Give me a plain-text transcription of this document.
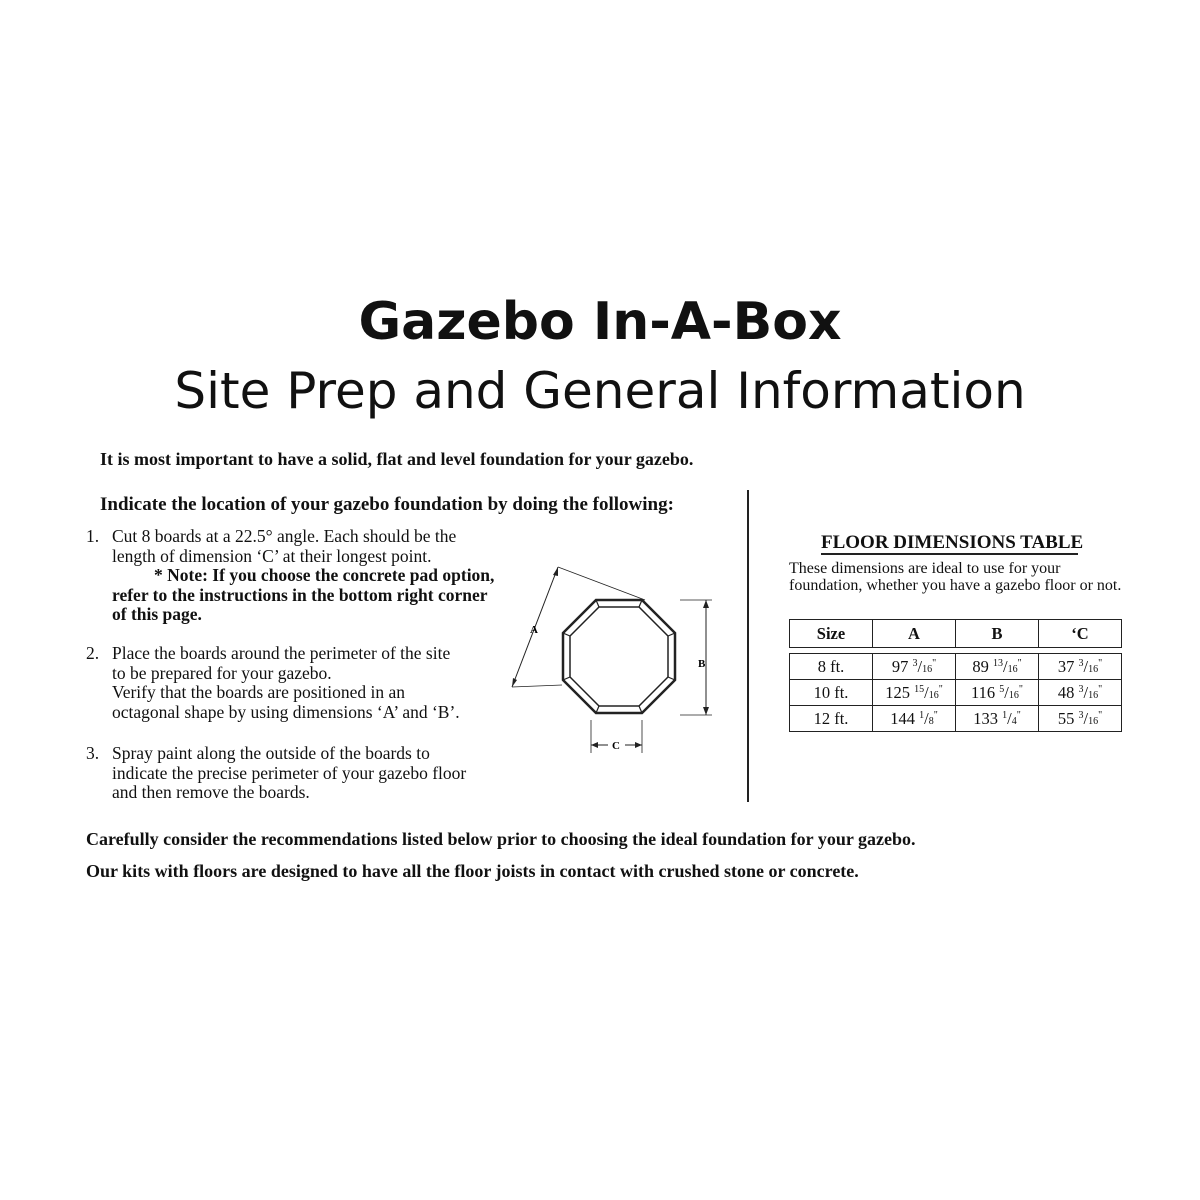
Gazebo In-A-Box
Site Prep and General Information
It is most important to have a solid, flat and level foundation for your gazebo.
Indicate the location of your gazebo foundation by doing the following:
1. Cut 8 boards at a 22.5° angle. Each should be the
length of dimension ‘C’ at their longest point.
* Note: If you choose the concrete pad option,
refer to the instructions in the bottom right corner
of this page.
2. Place the boards around the perimeter of the site
to be prepared for your gazebo.
Verify that the boards are positioned in an
octagonal shape by using dimensions ‘A’ and ‘B’.
3. Spray paint along the outside of the boards to
indicate the precise perimeter of your gazebo floor
and then remove the boards.
A
B
C
FLOOR DIMENSIONS TABLE
These dimensions are ideal to use for your foundation, whether you have a gazebo floor or not.
Size	A	B	‘C
8 ft.	97 $^3$/16"	89 $^{13}$/16"	37 $^3$/16"
10 ft.	125 $^{15}$/16"	116 $^5$/16"	48 $^3$/16"
12 ft.	144 $^1$/8"	133 $^1$/4"	55 $^3$/16"
Carefully consider the recommendations listed below prior to choosing the ideal foundation for your gazebo.
Our kits with floors are designed to have all the floor joists in contact with crushed stone or concrete.
